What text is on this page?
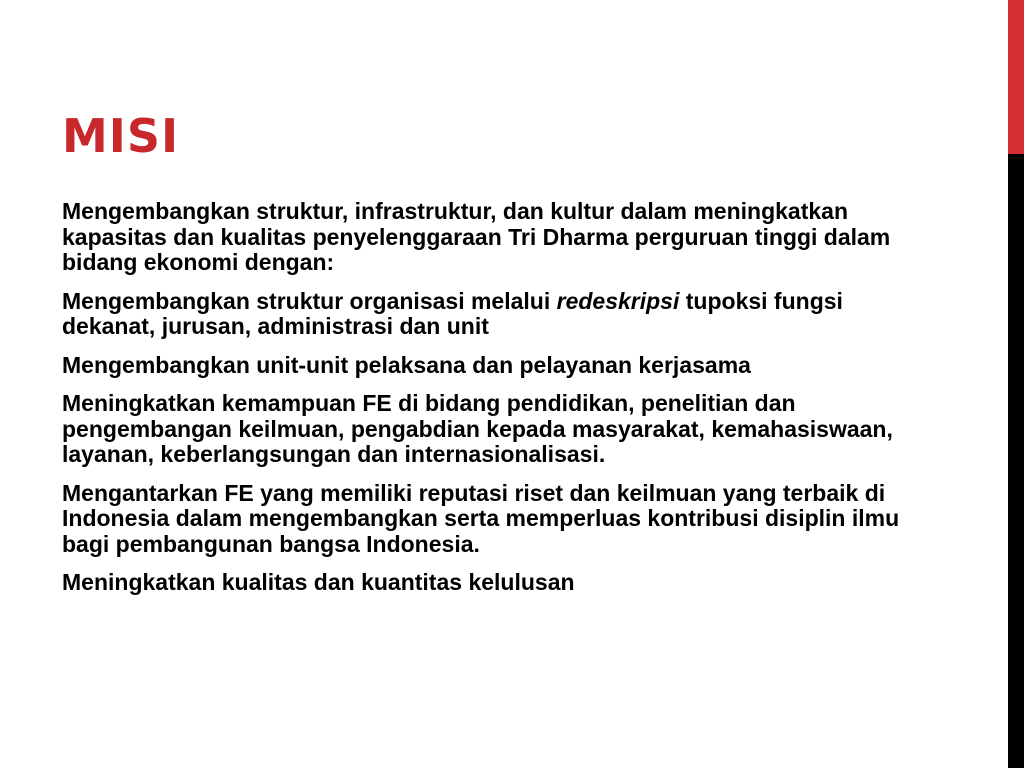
MISI

Mengembangkan struktur, infrastruktur, dan kultur dalam meningkatkan kapasitas dan kualitas penyelenggaraan Tri Dharma perguruan tinggi dalam bidang ekonomi dengan:

Mengembangkan struktur organisasi melalui redeskripsi tupoksi fungsi dekanat, jurusan, administrasi dan unit

Mengembangkan unit-unit pelaksana dan pelayanan kerjasama

Meningkatkan kemampuan FE di bidang pendidikan, penelitian dan pengembangan keilmuan, pengabdian kepada masyarakat, kemahasiswaan, layanan, keberlangsungan dan internasionalisasi.

Mengantarkan FE yang memiliki reputasi riset dan keilmuan yang terbaik di Indonesia dalam mengembangkan serta memperluas kontribusi disiplin ilmu bagi pembangunan bangsa Indonesia.

Meningkatkan kualitas dan kuantitas kelulusan
